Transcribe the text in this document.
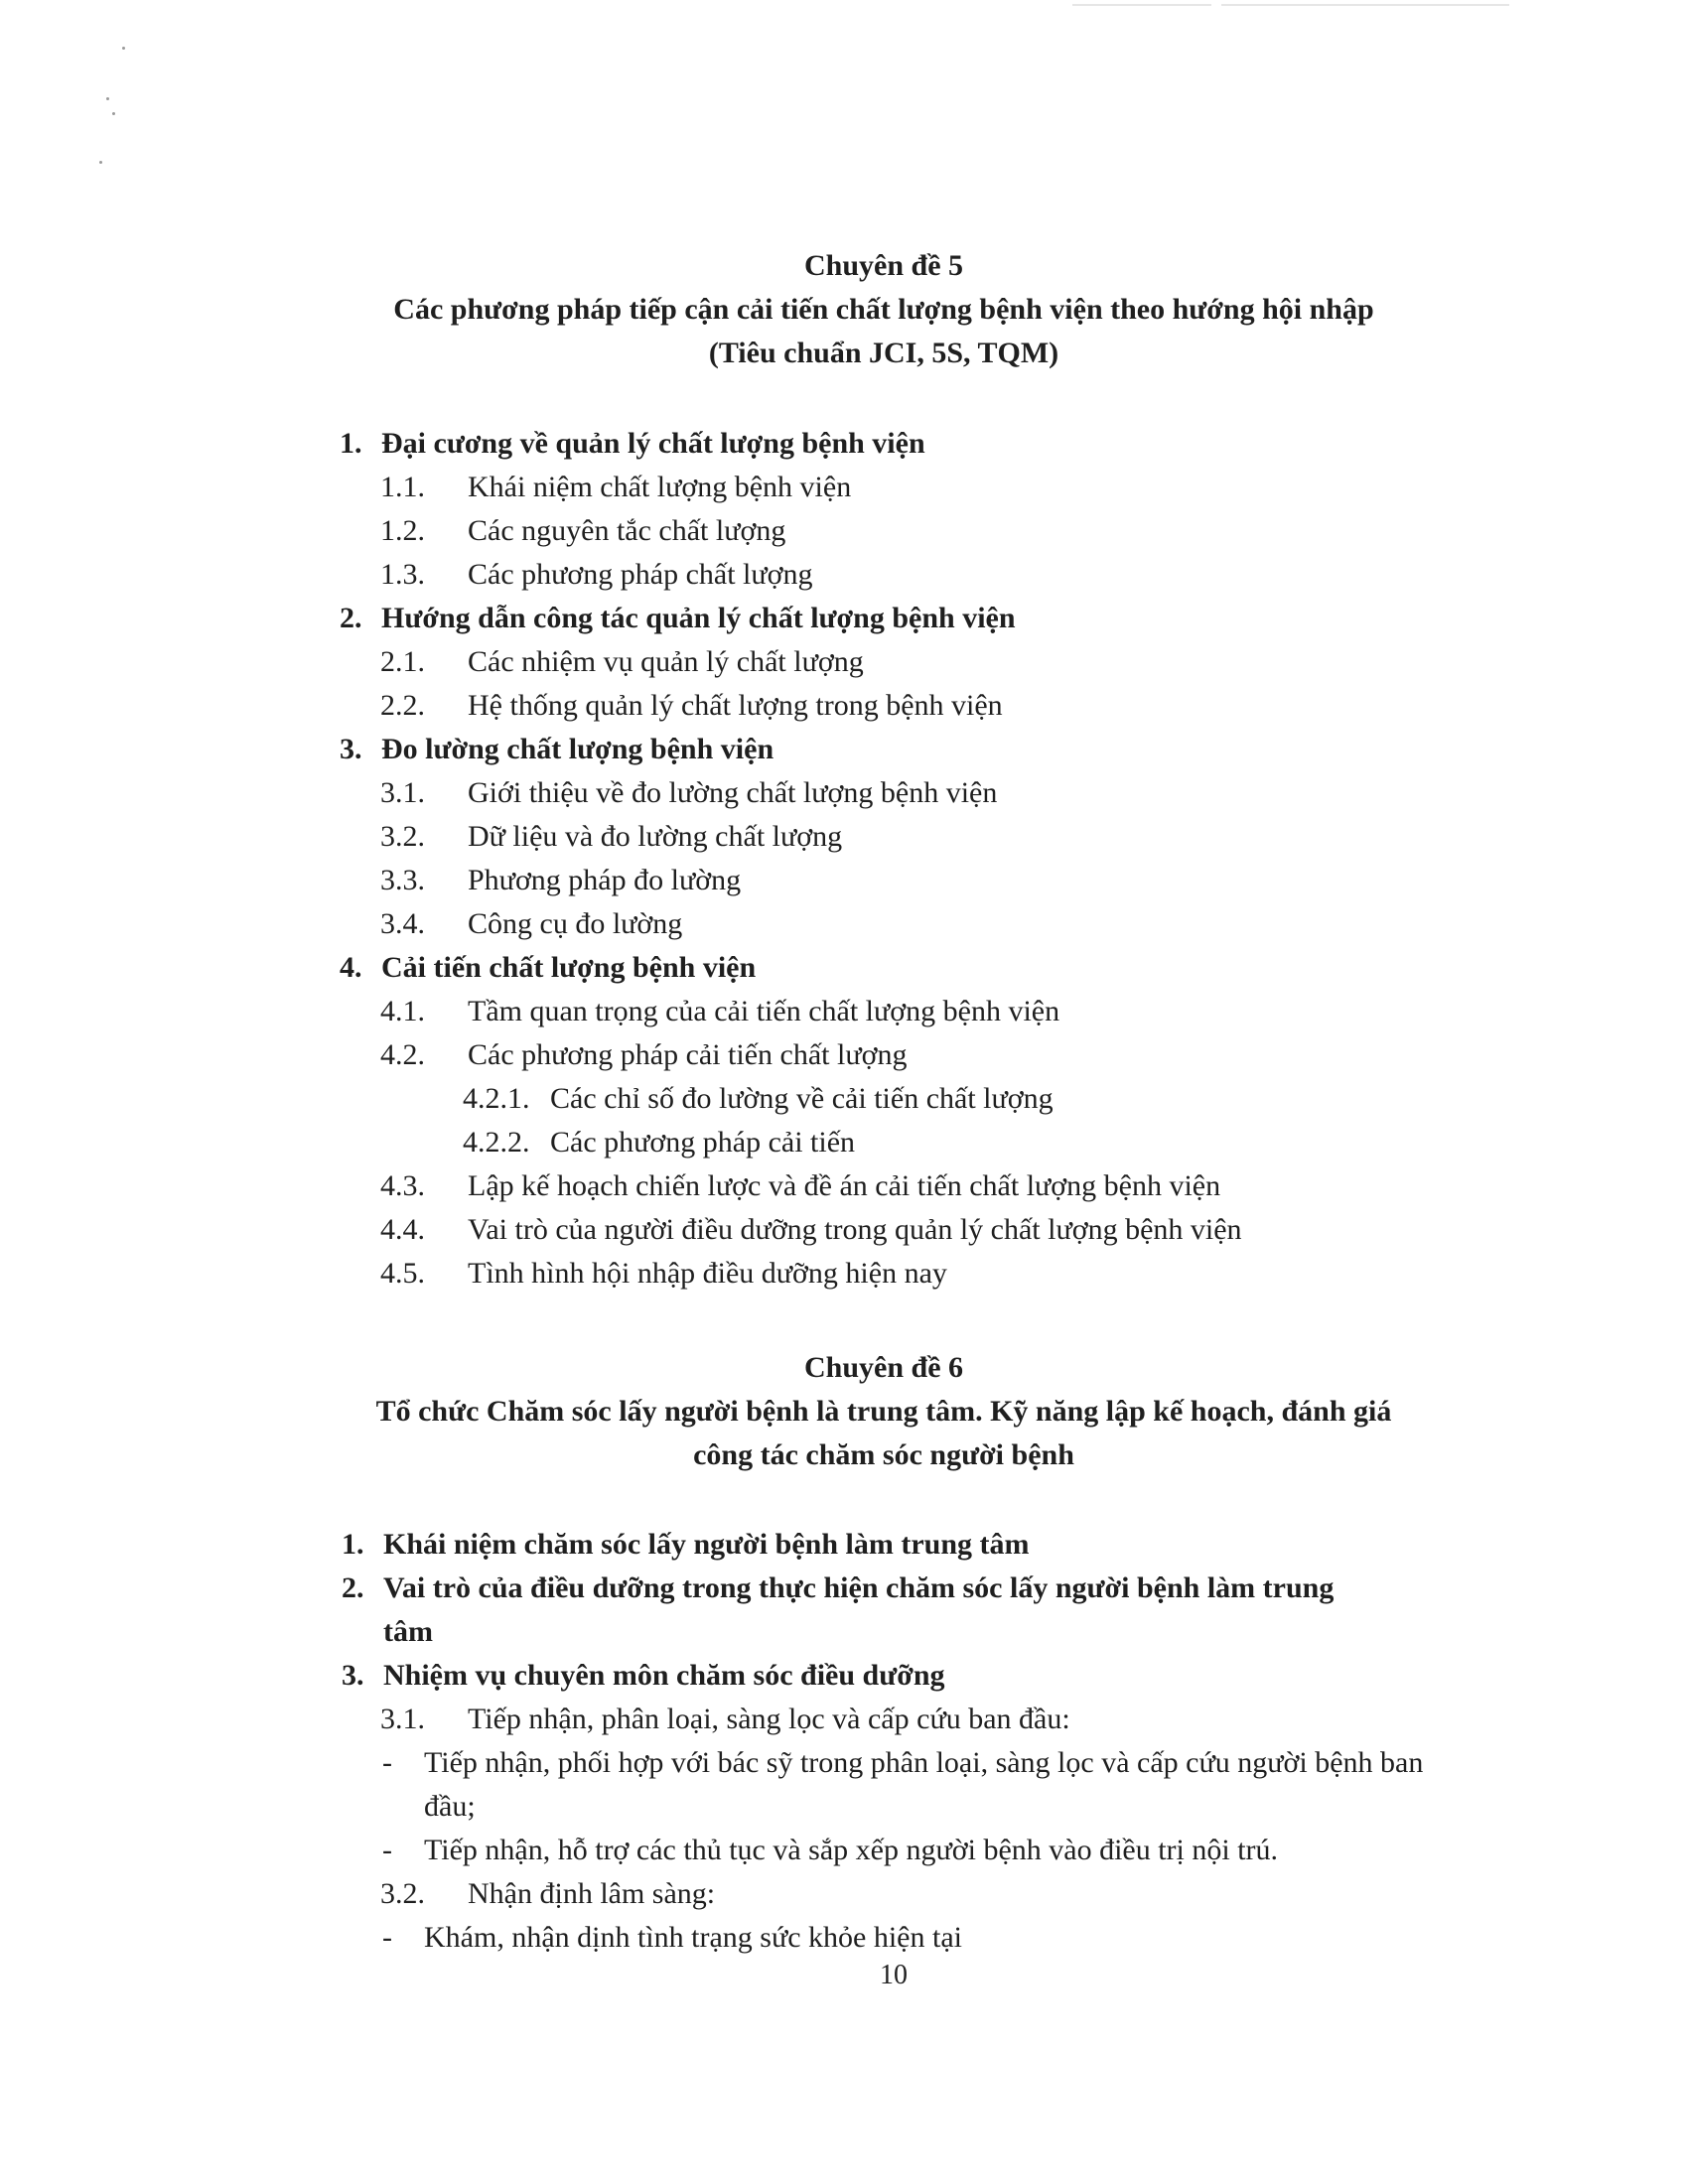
Chuyên đề 5
Các phương pháp tiếp cận cải tiến chất lượng bệnh viện theo hướng hội nhập
(Tiêu chuẩn JCI, 5S, TQM)
1. Đại cương về quản lý chất lượng bệnh viện
1.1. Khái niệm chất lượng bệnh viện
1.2. Các nguyên tắc chất lượng
1.3. Các phương pháp chất lượng
2. Hướng dẫn công tác quản lý chất lượng bệnh viện
2.1. Các nhiệm vụ quản lý chất lượng
2.2. Hệ thống quản lý chất lượng trong bệnh viện
3. Đo lường chất lượng bệnh viện
3.1. Giới thiệu về đo lường chất lượng bệnh viện
3.2. Dữ liệu và đo lường chất lượng
3.3. Phương pháp đo lường
3.4. Công cụ đo lường
4. Cải tiến chất lượng bệnh viện
4.1. Tầm quan trọng của cải tiến chất lượng bệnh viện
4.2. Các phương pháp cải tiến chất lượng
4.2.1. Các chỉ số đo lường về cải tiến chất lượng
4.2.2. Các phương pháp cải tiến
4.3. Lập kế hoạch chiến lược và đề án cải tiến chất lượng bệnh viện
4.4. Vai trò của người điều dưỡng trong quản lý chất lượng bệnh viện
4.5. Tình hình hội nhập điều dưỡng hiện nay
Chuyên đề 6
Tổ chức Chăm sóc lấy người bệnh là trung tâm. Kỹ năng lập kế hoạch, đánh giá
công tác chăm sóc người bệnh
1. Khái niệm chăm sóc lấy người bệnh làm trung tâm
2. Vai trò của điều dưỡng trong thực hiện chăm sóc lấy người bệnh làm trung
tâm
3. Nhiệm vụ chuyên môn chăm sóc điều dưỡng
3.1. Tiếp nhận, phân loại, sàng lọc và cấp cứu ban đầu:
- Tiếp nhận, phối hợp với bác sỹ trong phân loại, sàng lọc và cấp cứu người bệnh ban đầu;
- Tiếp nhận, hỗ trợ các thủ tục và sắp xếp người bệnh vào điều trị nội trú.
3.2. Nhận định lâm sàng:
- Khám, nhận dịnh tình trạng sức khỏe hiện tại
10
